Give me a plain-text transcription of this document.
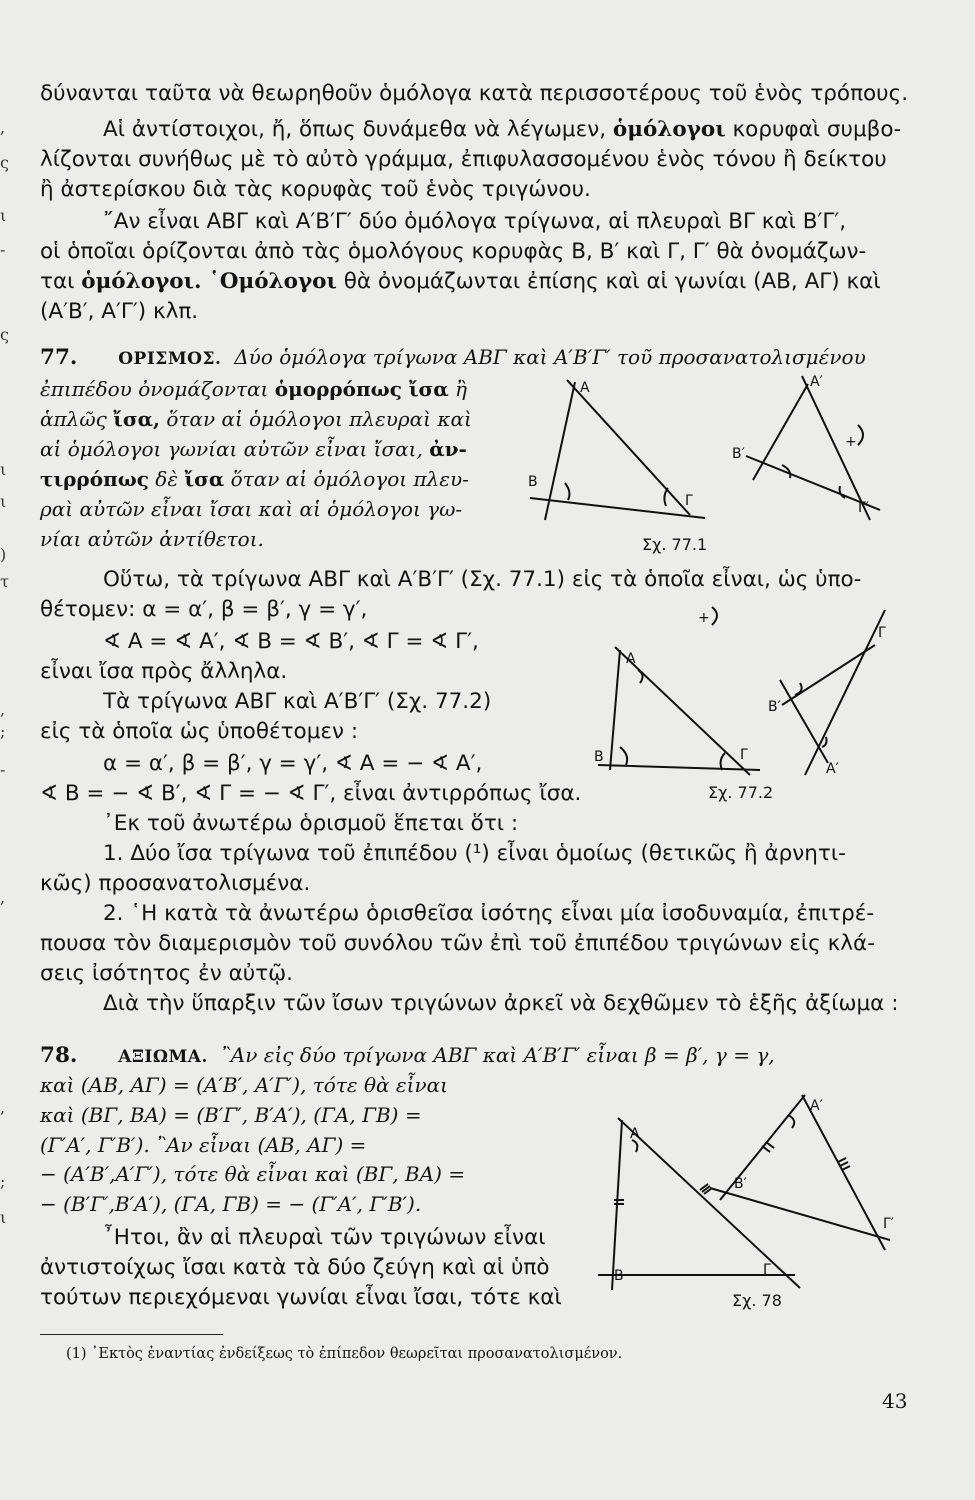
,
ς
ι
-
ς
ι
ι
)
τ
,
;
-
,
,
;
ι
δύνανται ταῦτα νὰ θεωρηθοῦν ὁμόλογα κατὰ περισσοτέρους τοῦ ἑνὸς τρόπους.
Αἱ ἀντίστοιχοι, ἤ, ὅπως δυνάμεθα νὰ λέγωμεν, ὁμόλογοι κορυφαὶ συμβο-
λίζονται συνήθως μὲ τὸ αὐτὸ γράμμα, ἐπιφυλασσομένου ἑνὸς τόνου ἢ δείκτου
ἢ ἀστερίσκου διὰ τὰς κορυφὰς τοῦ ἑνὸς τριγώνου.
῎Αν εἶναι ΑΒΓ καὶ Α′Β′Γ′ δύο ὁμόλογα τρίγωνα, αἱ πλευραὶ ΒΓ καὶ Β′Γ′,
οἱ ὁποῖαι ὁρίζονται ἀπὸ τὰς ὁμολόγους κορυφὰς Β, Β′ καὶ Γ, Γ′ θὰ ὀνομάζων-
ται ὁμόλογοι. ῾Ομόλογοι θὰ ὀνομάζωνται ἐπίσης καὶ αἱ γωνίαι (ΑΒ, ΑΓ) καὶ
(Α′Β′, Α′Γ′) κλπ.
77. ΟΡΙΣΜΟΣ. Δύο ὁμόλογα τρίγωνα ΑΒΓ καὶ Α′Β′Γ′ τοῦ προσανατολισμένου
ἐπιπέδου ὀνομάζονται ὁμορρόπως ἴσα ἢ
ἁπλῶς ἴσα, ὅταν αἱ ὁμόλογοι πλευραὶ καὶ
αἱ ὁμόλογοι γωνίαι αὐτῶν εἶναι ἴσαι, ἀν-
τιρρόπως δὲ ἴσα ὅταν αἱ ὁμόλογοι πλευ-
ραὶ αὐτῶν εἶναι ἴσαι καὶ αἱ ὁμόλογοι γω-
νίαι αὐτῶν ἀντίθετοι.
A
B
Γ
A′
B′
Γ′
+
Σχ. 77.1
Οὕτω, τὰ τρίγωνα ΑΒΓ καὶ Α′Β′Γ′ (Σχ. 77.1) εἰς τὰ ὁποῖα εἶναι, ὡς ὑπο-
θέτομεν: α = α′, β = β′, γ = γ′,
∢ Α = ∢ Α′, ∢ Β = ∢ Β′, ∢ Γ = ∢ Γ′,
εἶναι ἴσα πρὸς ἄλληλα.
Τὰ τρίγωνα ΑΒΓ καὶ Α′Β′Γ′ (Σχ. 77.2)
εἰς τὰ ὁποῖα ὡς ὑποθέτομεν :
α = α′, β = β′, γ = γ′, ∢ Α = − ∢ Α′,
∢ Β = − ∢ Β′, ∢ Γ = − ∢ Γ′, εἶναι ἀντιρρόπως ἴσα.
A
B	Γ
A′
B′
Γ
+
Σχ. 77.2
᾿Εκ τοῦ ἀνωτέρω ὁρισμοῦ ἕπεται ὅτι :
1. Δύο ἴσα τρίγωνα τοῦ ἐπιπέδου (¹) εἶναι ὁμοίως (θετικῶς ἢ ἀρνητι-
κῶς) προσανατολισμένα.
2. ῾Η κατὰ τὰ ἀνωτέρω ὁρισθεῖσα ἰσότης εἶναι μία ἰσοδυναμία, ἐπιτρέ-
πουσα τὸν διαμερισμὸν τοῦ συνόλου τῶν ἐπὶ τοῦ ἐπιπέδου τριγώνων εἰς κλά-
σεις ἰσότητος ἐν αὐτῷ.
Διὰ τὴν ὕπαρξιν τῶν ἴσων τριγώνων ἀρκεῖ νὰ δεχθῶμεν τὸ ἑξῆς ἀξίωμα :
78. ΑΞΙΩΜΑ. ῍Αν εἰς δύο τρίγωνα ΑΒΓ καὶ Α′Β′Γ′ εἶναι β = β′, γ = γ,
καὶ (ΑΒ, ΑΓ) = (Α′Β′, Α′Γ′), τότε θὰ εἶναι
καὶ (ΒΓ, ΒΑ) = (Β′Γ′, Β′Α′), (ΓΑ, ΓΒ) =
(Γ′Α′, Γ′Β′). ῍Αν εἶναι (ΑΒ, ΑΓ) =
− (Α′Β′,Α′Γ′), τότε θὰ εἶναι καὶ (ΒΓ, ΒΑ) =
− (Β′Γ′,Β′Α′), (ΓΑ, ΓΒ) = − (Γ′Α′, Γ′Β′).
῏Ητοι, ἂν αἱ πλευραὶ τῶν τριγώνων εἶναι
ἀντιστοίχως ἴσαι κατὰ τὰ δύο ζεύγη καὶ αἱ ὑπὸ
τούτων περιεχόμεναι γωνίαι εἶναι ἴσαι, τότε καὶ
A
B	Γ
A′
B′
Γ′
Σχ. 78
(1) ᾿Εκτὸς ἐναντίας ἐνδείξεως τὸ ἐπίπεδον θεωρεῖται προσανατολισμένον.
43
